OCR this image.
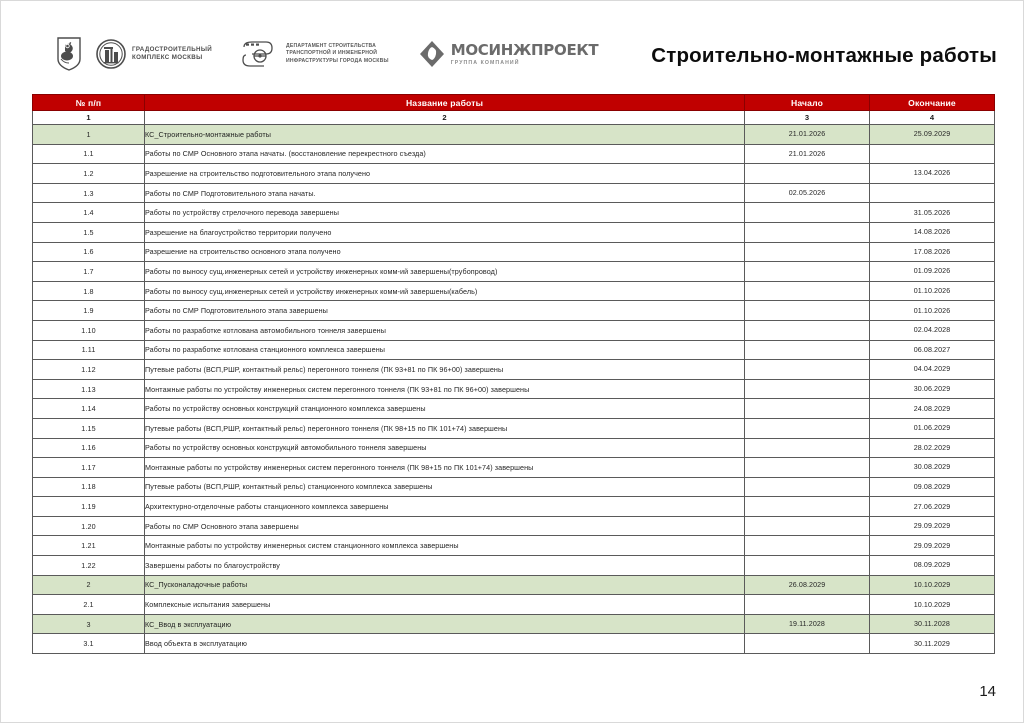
ГРАДОСТРОИТЕЛЬНЫЙ
КОМПЛЕКС МОСКВЫ
ДЕПАРТАМЕНТ СТРОИТЕЛЬСТВА
ТРАНСПОРТНОЙ И ИНЖЕНЕРНОЙ
ИНФРАСТРУКТУРЫ ГОРОДА МОСКВЫ
МОСИНЖПРОЕКТ
ГРУППА КОМПАНИЙ	Строительно-монтажные работы
№ п/п	Название работы	Начало	Окончание
1	2	3	4
1	КС_Строительно-монтажные работы	21.01.2026	25.09.2029
1.1	Работы по СМР Основного этапа начаты. (восстановление перекрестного съезда)	21.01.2026	
1.2	Разрешение на строительство подготовительного этапа получено		13.04.2026
1.3	Работы по СМР Подготовительного этапа начаты.	02.05.2026	
1.4	Работы по устройству стрелочного перевода завершены		31.05.2026
1.5	Разрешение на благоустройство территории получено		14.08.2026
1.6	Разрешение на строительство основного этапа получено		17.08.2026
1.7	Работы по выносу сущ.инженерных сетей и устройству инженерных комм-ий завершены(трубопровод)		01.09.2026
1.8	Работы по выносу сущ.инженерных сетей и устройству инженерных комм-ий завершены(кабель)		01.10.2026
1.9	Работы по СМР Подготовительного этапа завершены		01.10.2026
1.10	Работы по разработке котлована автомобильного тоннеля завершены		02.04.2028
1.11	Работы по разработке котлована станционного комплекса завершены		06.08.2027
1.12	Путевые работы (ВСП,РШР, контактный рельс) перегонного тоннеля (ПК 93+81 по ПК 96+00) завершены		04.04.2029
1.13	Монтажные работы по устройству инженерных систем перегонного тоннеля (ПК 93+81 по ПК 96+00) завершены		30.06.2029
1.14	Работы по устройству основных конструкций станционного комплекса завершены		24.08.2029
1.15	Путевые работы (ВСП,РШР, контактный рельс) перегонного тоннеля (ПК 98+15 по ПК 101+74) завершены		01.06.2029
1.16	Работы по устройству основных конструкций автомобильного тоннеля завершены		28.02.2029
1.17	Монтажные работы по устройству инженерных систем перегонного тоннеля (ПК 98+15 по ПК 101+74) завершены		30.08.2029
1.18	Путевые работы (ВСП,РШР, контактный рельс) станционного комплекса завершены		09.08.2029
1.19	Архитектурно-отделочные работы станционного комплекса завершены		27.06.2029
1.20	Работы по СМР Основного этапа завершены		29.09.2029
1.21	Монтажные работы по устройству инженерных систем станционного комплекса завершены		29.09.2029
1.22	Завершены работы по благоустройству		08.09.2029
2	КС_Пусконаладочные работы	26.08.2029	10.10.2029
2.1	Комплексные испытания завершены		10.10.2029
3	КС_Ввод в эксплуатацию	19.11.2028	30.11.2028
3.1	Ввод объекта в эксплуатацию		30.11.2029
14
